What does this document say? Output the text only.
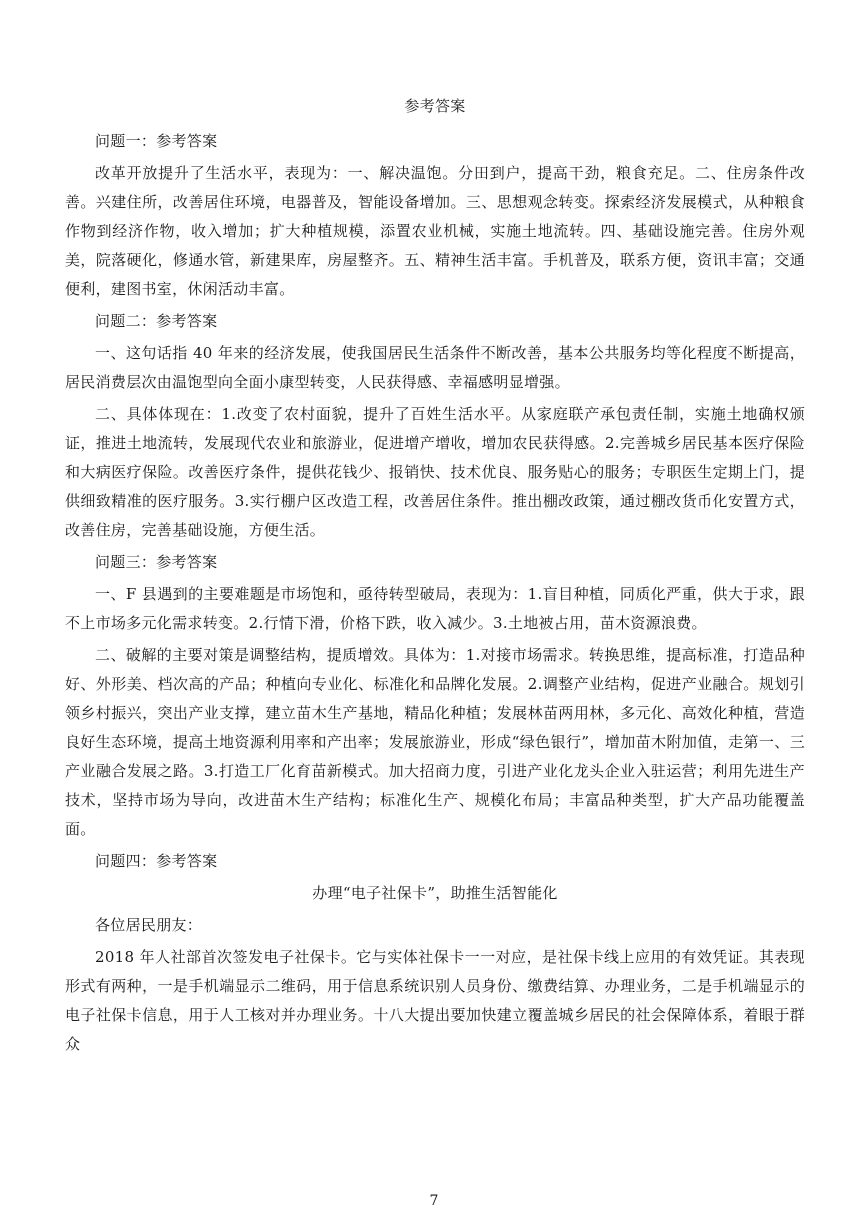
参考答案

问题一：参考答案

改革开放提升了生活水平，表现为：一、解决温饱。分田到户，提高干劲，粮食充足。二、住房条件改善。兴建住所，改善居住环境，电器普及，智能设备增加。三、思想观念转变。探索经济发展模式，从种粮食作物到经济作物，收入增加；扩大种植规模，添置农业机械，实施土地流转。四、基础设施完善。住房外观美，院落硬化，修通水管，新建果库，房屋整齐。五、精神生活丰富。手机普及，联系方便，资讯丰富；交通便利，建图书室，休闲活动丰富。

问题二：参考答案

一、这句话指 40 年来的经济发展，使我国居民生活条件不断改善，基本公共服务均等化程度不断提高，居民消费层次由温饱型向全面小康型转变，人民获得感、幸福感明显增强。

二、具体体现在：1.改变了农村面貌，提升了百姓生活水平。从家庭联产承包责任制，实施土地确权颁证，推进土地流转，发展现代农业和旅游业，促进增产增收，增加农民获得感。2.完善城乡居民基本医疗保险和大病医疗保险。改善医疗条件，提供花钱少、报销快、技术优良、服务贴心的服务；专职医生定期上门，提供细致精准的医疗服务。3.实行棚户区改造工程，改善居住条件。推出棚改政策，通过棚改货币化安置方式，改善住房，完善基础设施，方便生活。

问题三：参考答案

一、F 县遇到的主要难题是市场饱和，亟待转型破局，表现为：1.盲目种植，同质化严重，供大于求，跟不上市场多元化需求转变。2.行情下滑，价格下跌，收入减少。3.土地被占用，苗木资源浪费。

二、破解的主要对策是调整结构，提质增效。具体为：1.对接市场需求。转换思维，提高标准，打造品种好、外形美、档次高的产品；种植向专业化、标准化和品牌化发展。2.调整产业结构，促进产业融合。规划引领乡村振兴，突出产业支撑，建立苗木生产基地，精品化种植；发展林苗两用林，多元化、高效化种植，营造良好生态环境，提高土地资源利用率和产出率；发展旅游业，形成“绿色银行”，增加苗木附加值，走第一、三产业融合发展之路。3.打造工厂化育苗新模式。加大招商力度，引进产业化龙头企业入驻运营；利用先进生产技术，坚持市场为导向，改进苗木生产结构；标准化生产、规模化布局；丰富品种类型，扩大产品功能覆盖面。

问题四：参考答案

办理“电子社保卡”，助推生活智能化

各位居民朋友：

2018 年人社部首次签发电子社保卡。它与实体社保卡一一对应，是社保卡线上应用的有效凭证。其表现形式有两种，一是手机端显示二维码，用于信息系统识别人员身份、缴费结算、办理业务，二是手机端显示的电子社保卡信息，用于人工核对并办理业务。十八大提出要加快建立覆盖城乡居民的社会保障体系，着眼于群众

7
